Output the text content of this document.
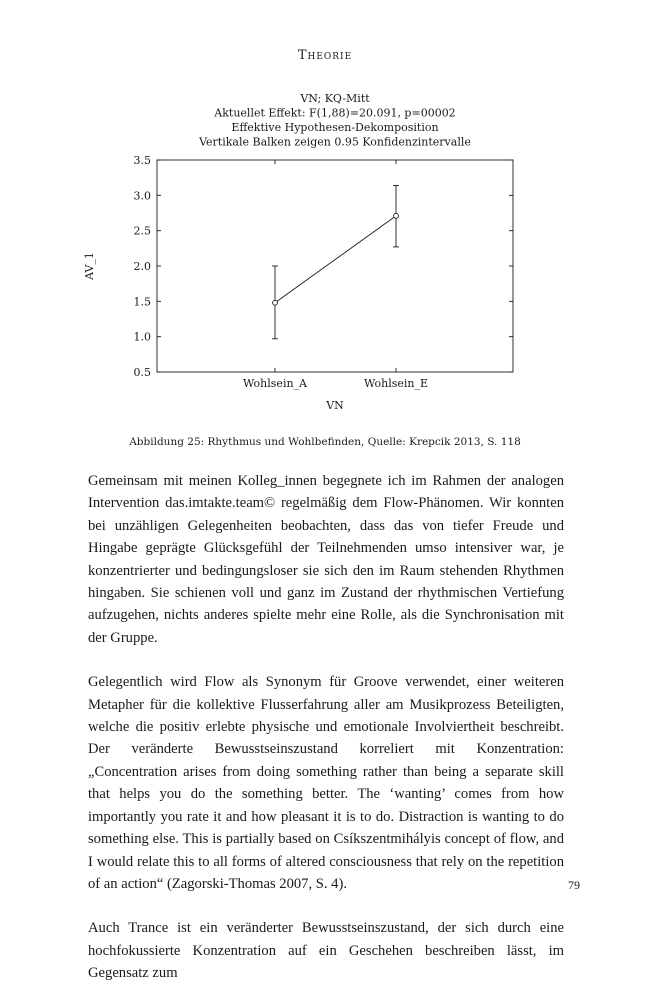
Theorie
VN; KQ-Mitt
Aktuellet Effekt: F(1,88)=20.091, p=00002
Effektive Hypothesen-Dekomposition
Vertikale Balken zeigen 0.95 Konfidenzintervalle
0.5
1.0
1.5
2.0
2.5
3.0
3.5
Wohlsein_A	Wohlsein_E
AV_1
VN
Abbildung 25: Rhythmus und Wohlbefinden, Quelle: Krepcik 2013, S. 118

Gemeinsam mit meinen Kolleg_innen begegnete ich im Rahmen der analogen Intervention das.imtakte.team© regelmäßig dem Flow-Phänomen. Wir konnten bei unzähligen Gelegenheiten beobachten, dass das von tiefer Freude und Hingabe geprägte Glücksgefühl der Teilnehmenden umso intensiver war, je konzentrierter und bedingungsloser sie sich den im Raum stehenden Rhythmen hingaben. Sie schienen voll und ganz im Zustand der rhythmischen Vertiefung aufzugehen, nichts anderes spielte mehr eine Rolle, als die Synchronisation mit der Gruppe.

Gelegentlich wird Flow als Synonym für Groove verwendet, einer weiteren Metapher für die kollektive Flusserfahrung aller am Musikprozess Beteiligten, welche die positiv erlebte physische und emotionale Involviertheit beschreibt. Der veränderte Bewusstseinszustand korreliert mit Konzentration: „Concentration arises from doing something rather than being a separate skill that helps you do the something better. The ‘wanting’ comes from how importantly you rate it and how pleasant it is to do. Distraction is wanting to do something else. This is partially based on Csíkszentmihályis concept of flow, and I would relate this to all forms of altered consciousness that rely on the repetition of an action“ (Zagorski-Thomas 2007, S. 4).

Auch Trance ist ein veränderter Bewusstseinszustand, der sich durch eine hochfokussierte Konzentration auf ein Geschehen beschreiben lässt, im Gegensatz zum

79
